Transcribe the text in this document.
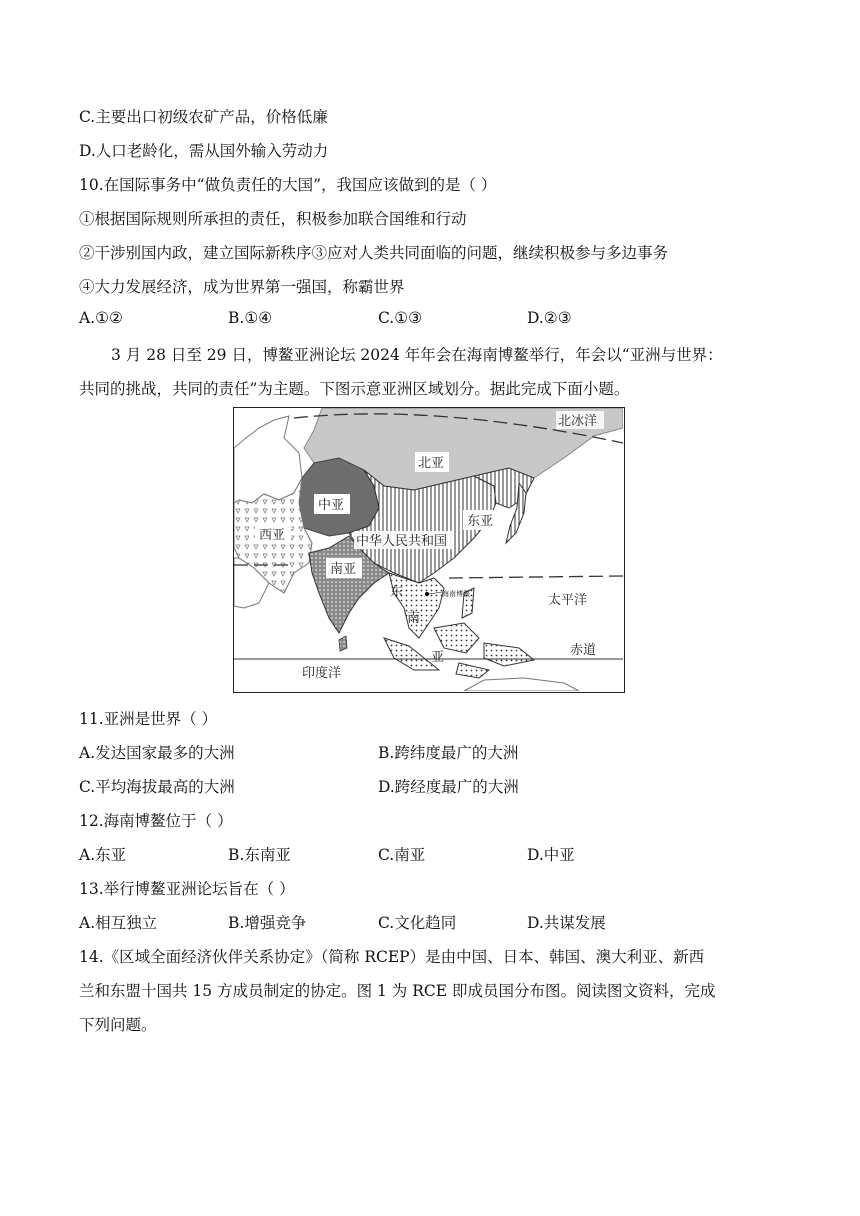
C.主要出口初级农矿产品，价格低廉
D.人口老龄化，需从国外输入劳动力
10.在国际事务中“做负责任的大国”，我国应该做到的是（ ）
①根据国际规则所承担的责任，积极参加联合国维和行动
②干涉别国内政，建立国际新秩序③应对人类共同面临的问题，继续积极参与多边事务
④大力发展经济，成为世界第一强国，称霸世界
A.①②	B.①④	C.①③	D.②③
3 月 28 日至 29 日，博鳌亚洲论坛 2024 年年会在海南博鳌举行，年会以“亚洲与世界：
共同的挑战，共同的责任”为主题。下图示意亚洲区域划分。据此完成下面小题。
北冰洋
北亚
中亚
西亚	中华人民共和国
东亚
南亚
海南博鳌	太平洋
东
南
亚	赤道
印度洋
11.亚洲是世界（ ）
A.发达国家最多的大洲	B.跨纬度最广的大洲
C.平均海拔最高的大洲	D.跨经度最广的大洲
12.海南博鳌位于（ ）
A.东亚	B.东南亚	C.南亚	D.中亚
13.举行博鳌亚洲论坛旨在（ ）
A.相互独立	B.增强竞争	C.文化趋同	D.共谋发展
14.《区域全面经济伙伴关系协定》（简称 RCEP）是由中国、日本、韩国、澳大利亚、新西
兰和东盟十国共 15 方成员制定的协定。图 1 为 RCE 即成员国分布图。阅读图文资料，完成
下列问题。
